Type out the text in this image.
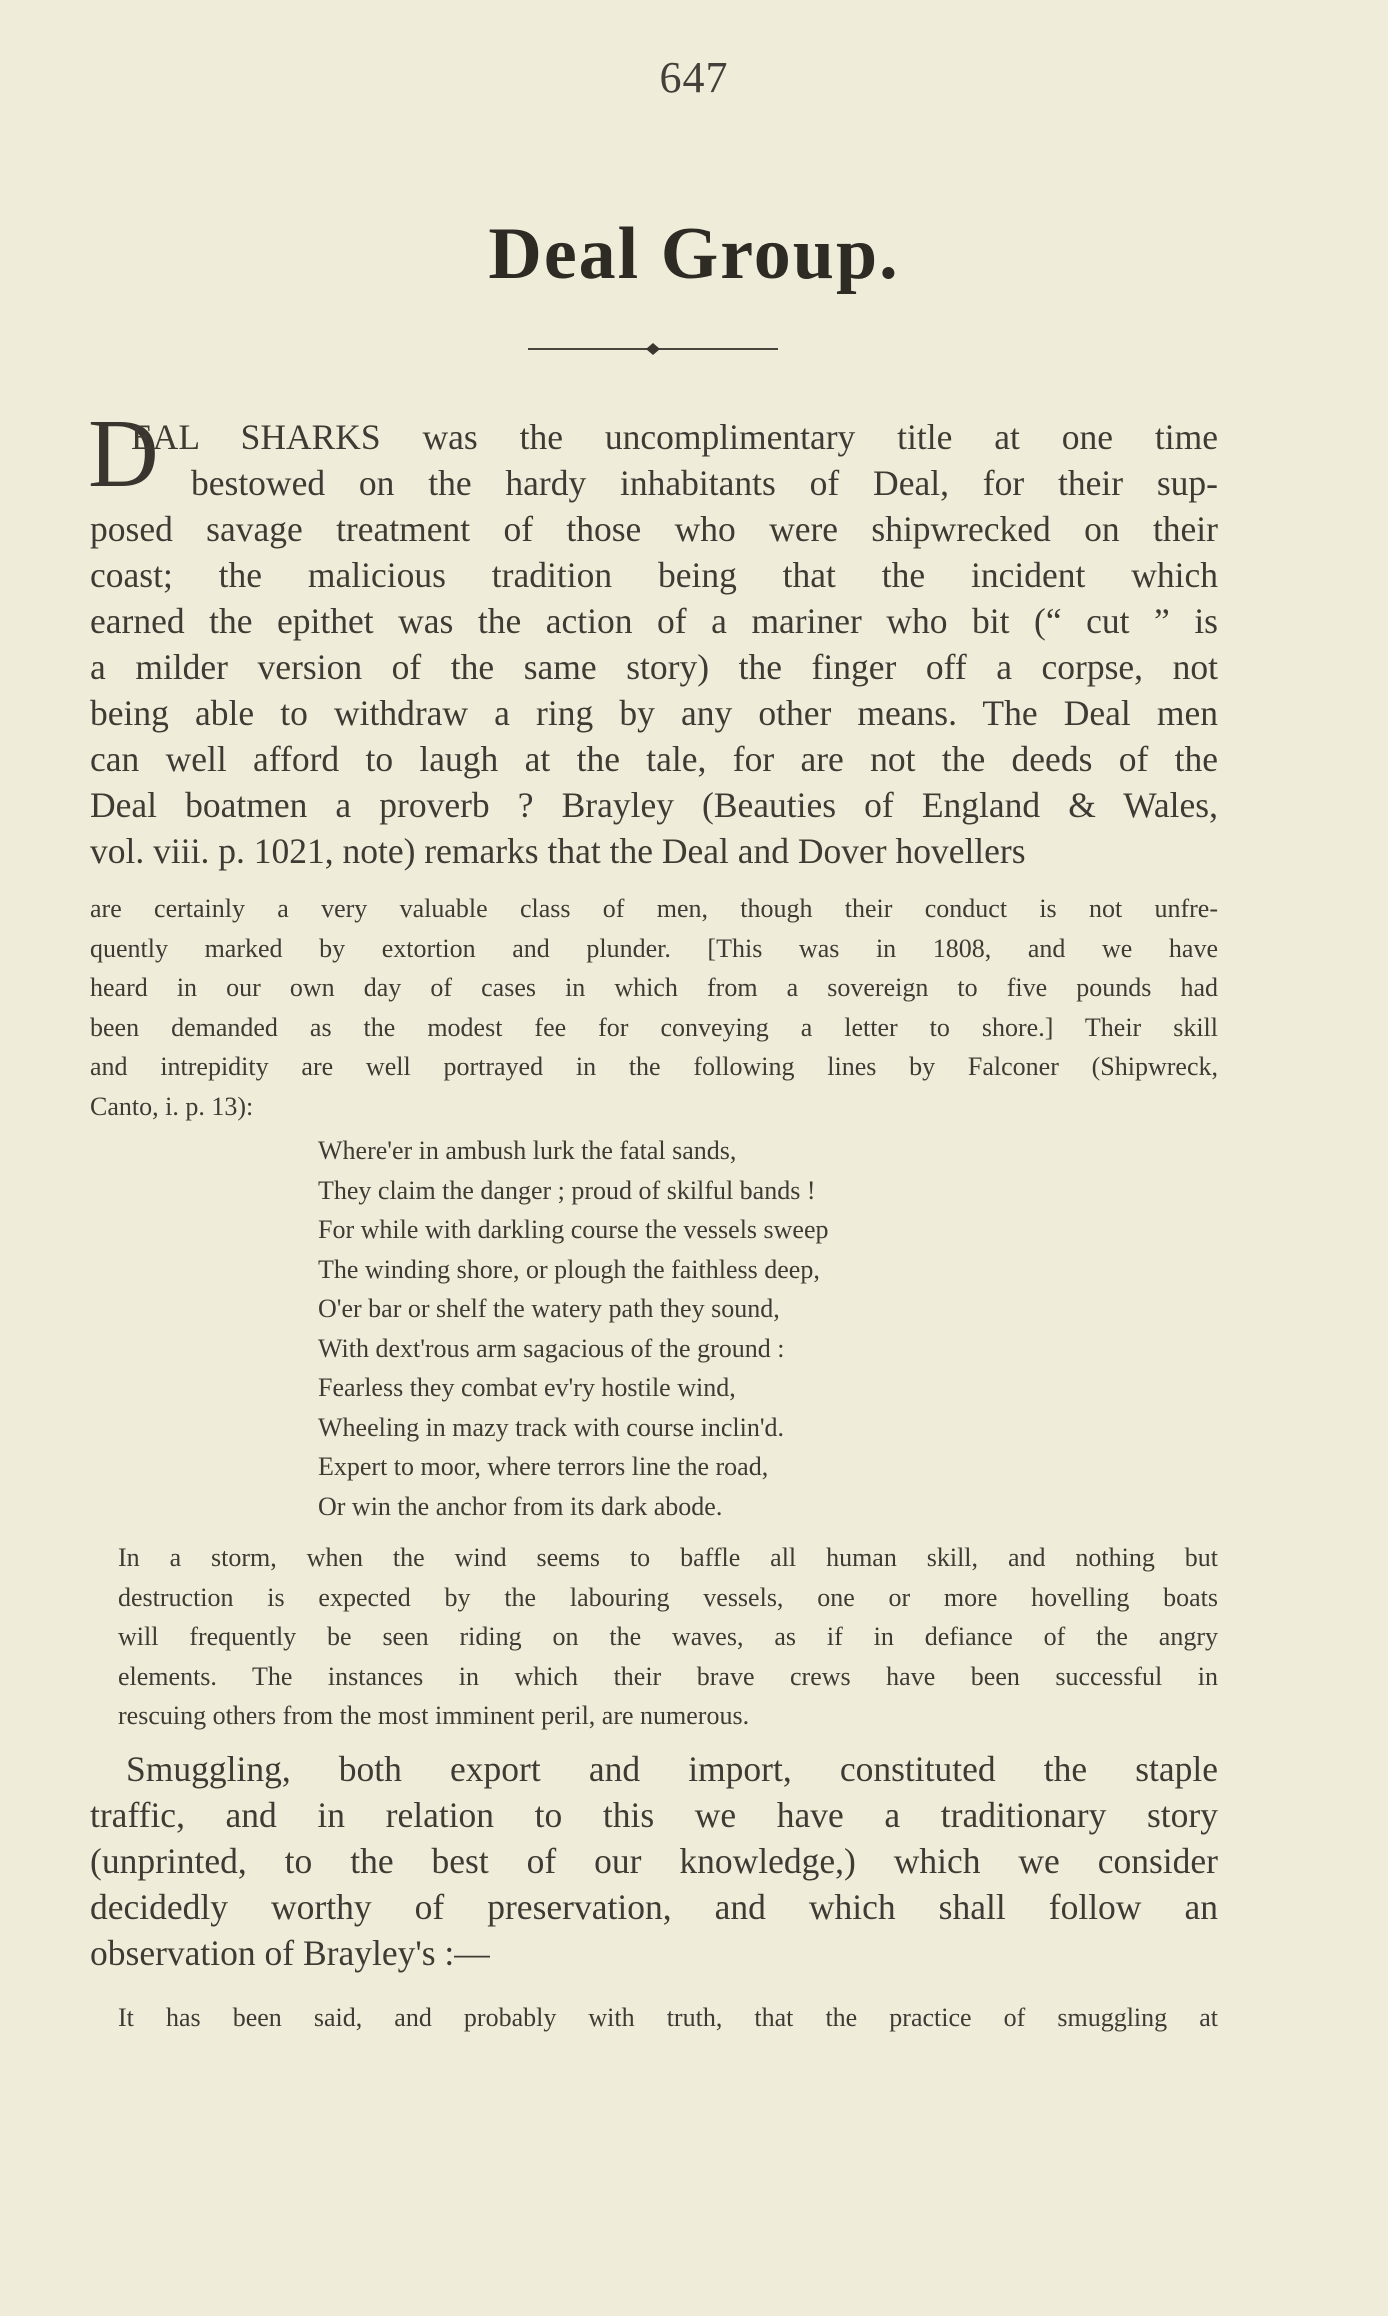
647
Deal Group.
D
EAL SHARKS was the uncomplimentary title at one time
bestowed on the hardy inhabitants of Deal, for their sup-
posed savage treatment of those who were shipwrecked on their
coast; the malicious tradition being that the incident which
earned the epithet was the action of a mariner who bit (“ cut ” is
a milder version of the same story) the finger off a corpse, not
being able to withdraw a ring by any other means. The Deal men
can well afford to laugh at the tale, for are not the deeds of the
Deal boatmen a proverb ? Brayley (Beauties of England & Wales,
vol. viii. p. 1021, note) remarks that the Deal and Dover hovellers
are certainly a very valuable class of men, though their conduct is not unfre-
quently marked by extortion and plunder. [This was in 1808, and we have
heard in our own day of cases in which from a sovereign to five pounds had
been demanded as the modest fee for conveying a letter to shore.] Their skill
and intrepidity are well portrayed in the following lines by Falconer (Shipwreck,
Canto, i. p. 13):
Where'er in ambush lurk the fatal sands,
They claim the danger ; proud of skilful bands !
For while with darkling course the vessels sweep
The winding shore, or plough the faithless deep,
O'er bar or shelf the watery path they sound,
With dext'rous arm sagacious of the ground :
Fearless they combat ev'ry hostile wind,
Wheeling in mazy track with course inclin'd.
Expert to moor, where terrors line the road,
Or win the anchor from its dark abode.
In a storm, when the wind seems to baffle all human skill, and nothing but
destruction is expected by the labouring vessels, one or more hovelling boats
will frequently be seen riding on the waves, as if in defiance of the angry
elements. The instances in which their brave crews have been successful in
rescuing others from the most imminent peril, are numerous.
Smuggling, both export and import, constituted the staple
traffic, and in relation to this we have a traditionary story
(unprinted, to the best of our knowledge,) which we consider
decidedly worthy of preservation, and which shall follow an
observation of Brayley's :—
It has been said, and probably with truth, that the practice of smuggling at
